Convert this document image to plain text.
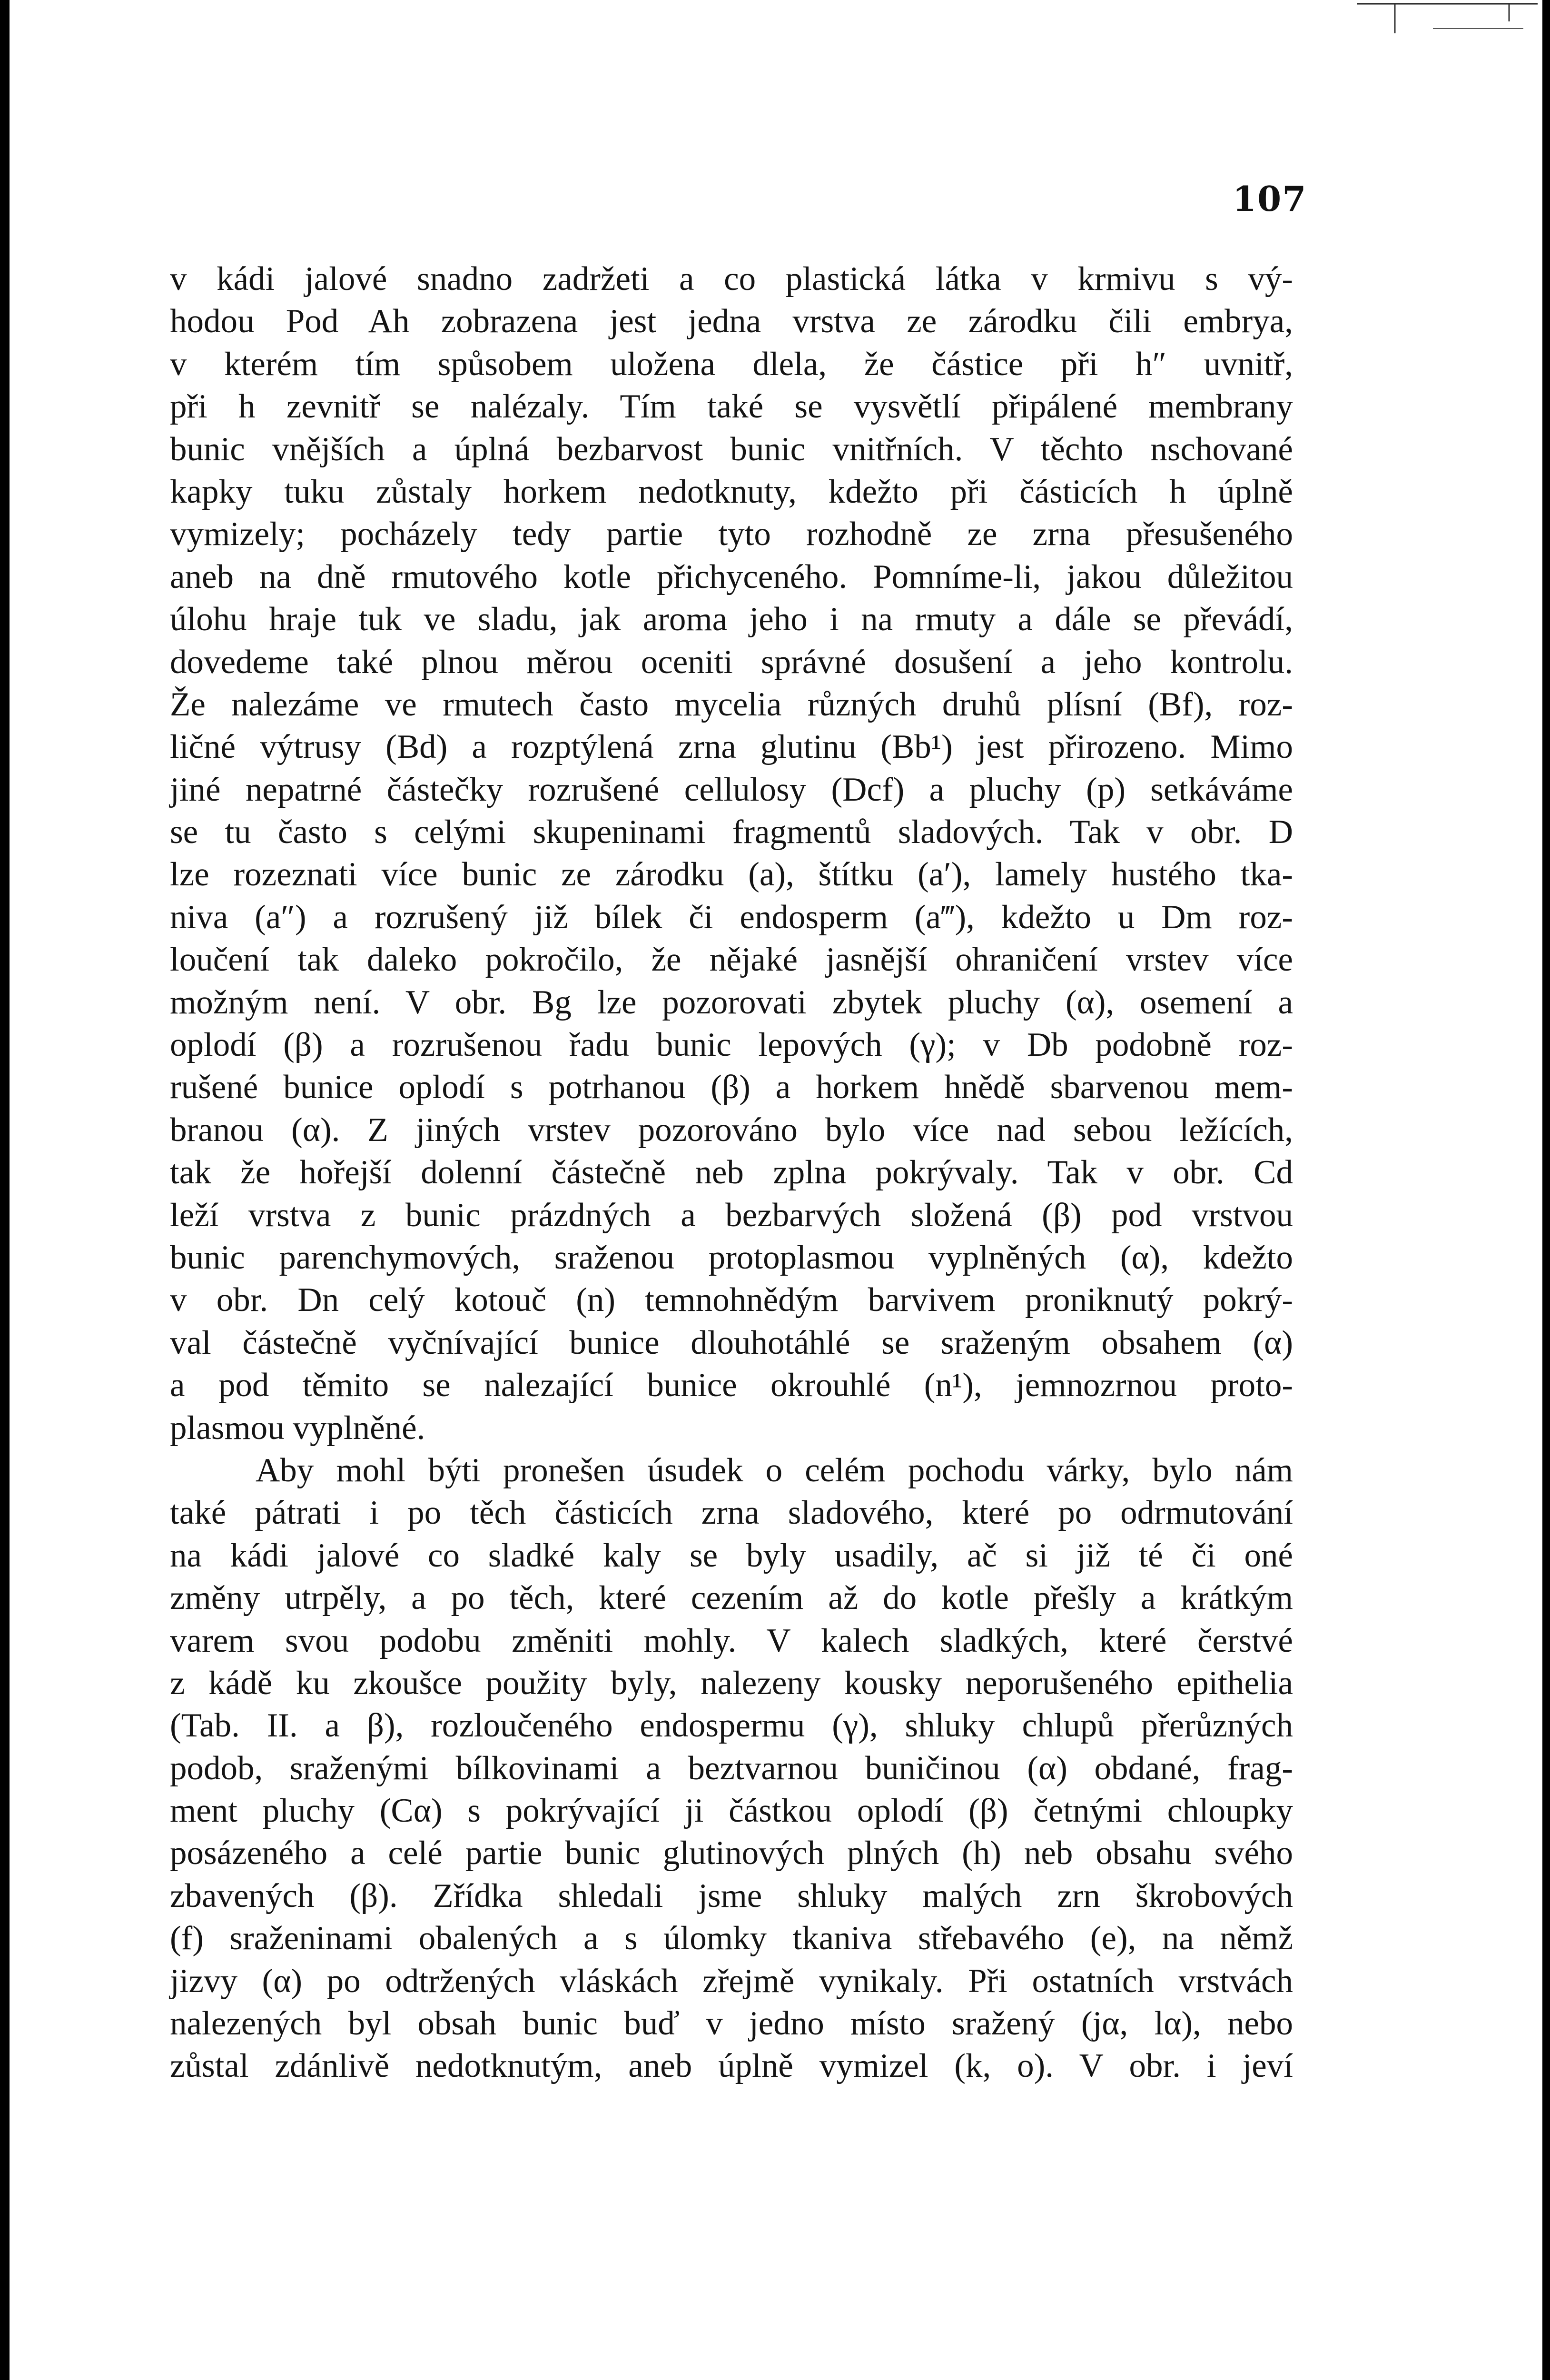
107
v kádi jalové snadno zadržeti a co plastická látka v krmivu s vý-
hodou Pod Ah zobrazena jest jedna vrstva ze zárodku čili embrya,
v kterém tím spůsobem uložena dlela, že částice při h″ uvnitř,
při h zevnitř se nalézaly. Tím také se vysvětlí připálené membrany
bunic vnějších a úplná bezbarvost bunic vnitřních. V těchto nschované
kapky tuku zůstaly horkem nedotknuty, kdežto při částicích h úplně
vymizely; pocházely tedy partie tyto rozhodně ze zrna přesušeného
aneb na dně rmutového kotle přichyceného. Pomníme-li, jakou důležitou
úlohu hraje tuk ve sladu, jak aroma jeho i na rmuty a dále se převádí,
dovedeme také plnou měrou oceniti správné dosušení a jeho kontrolu.
Že nalezáme ve rmutech často mycelia různých druhů plísní (Bf), roz-
ličné výtrusy (Bd) a rozptýlená zrna glutinu (Bb¹) jest přirozeno. Mimo
jiné nepatrné částečky rozrušené cellulosy (Dcf) a pluchy (p) setkáváme
se tu často s celými skupeninami fragmentů sladových. Tak v obr. D
lze rozeznati více bunic ze zárodku (a), štítku (a′), lamely hustého tka-
niva (a″) a rozrušený již bílek či endosperm (a‴), kdežto u Dm roz-
loučení tak daleko pokročilo, že nějaké jasnější ohraničení vrstev více
možným není. V obr. Bg lze pozorovati zbytek pluchy (α), osemení a
oplodí (β) a rozrušenou řadu bunic lepových (γ); v Db podobně roz-
rušené bunice oplodí s potrhanou (β) a horkem hnědě sbarvenou mem-
branou (α). Z jiných vrstev pozorováno bylo více nad sebou ležících,
tak že hořejší dolenní částečně neb zplna pokrývaly. Tak v obr. Cd
leží vrstva z bunic prázdných a bezbarvých složená (β) pod vrstvou
bunic parenchymových, sraženou protoplasmou vyplněných (α), kdežto
v obr. Dn celý kotouč (n) temnohnědým barvivem proniknutý pokrý-
val částečně vyčnívající bunice dlouhotáhlé se sraženým obsahem (α)
a pod těmito se nalezající bunice okrouhlé (n¹), jemnozrnou proto-
plasmou vyplněné.
Aby mohl býti pronešen úsudek o celém pochodu várky, bylo nám
také pátrati i po těch částicích zrna sladového, které po odrmutování
na kádi jalové co sladké kaly se byly usadily, ač si již té či oné
změny utrpěly, a po těch, které cezením až do kotle přešly a krátkým
varem svou podobu změniti mohly. V kalech sladkých, které čerstvé
z kádě ku zkoušce použity byly, nalezeny kousky neporušeného epithelia
(Tab. II. a β), rozloučeného endospermu (γ), shluky chlupů přerůzných
podob, sraženými bílkovinami a beztvarnou buničinou (α) obdané, frag-
ment pluchy (Cα) s pokrývající ji částkou oplodí (β) četnými chloupky
posázeného a celé partie bunic glutinových plných (h) neb obsahu svého
zbavených (β). Zřídka shledali jsme shluky malých zrn škrobových
(f) sraženinami obalených a s úlomky tkaniva střebavého (e), na němž
jizvy (α) po odtržených vláskách zřejmě vynikaly. Při ostatních vrstvách
nalezených byl obsah bunic buď v jedno místo sražený (jα, lα), nebo
zůstal zdánlivě nedotknutým, aneb úplně vymizel (k, o). V obr. i jeví
